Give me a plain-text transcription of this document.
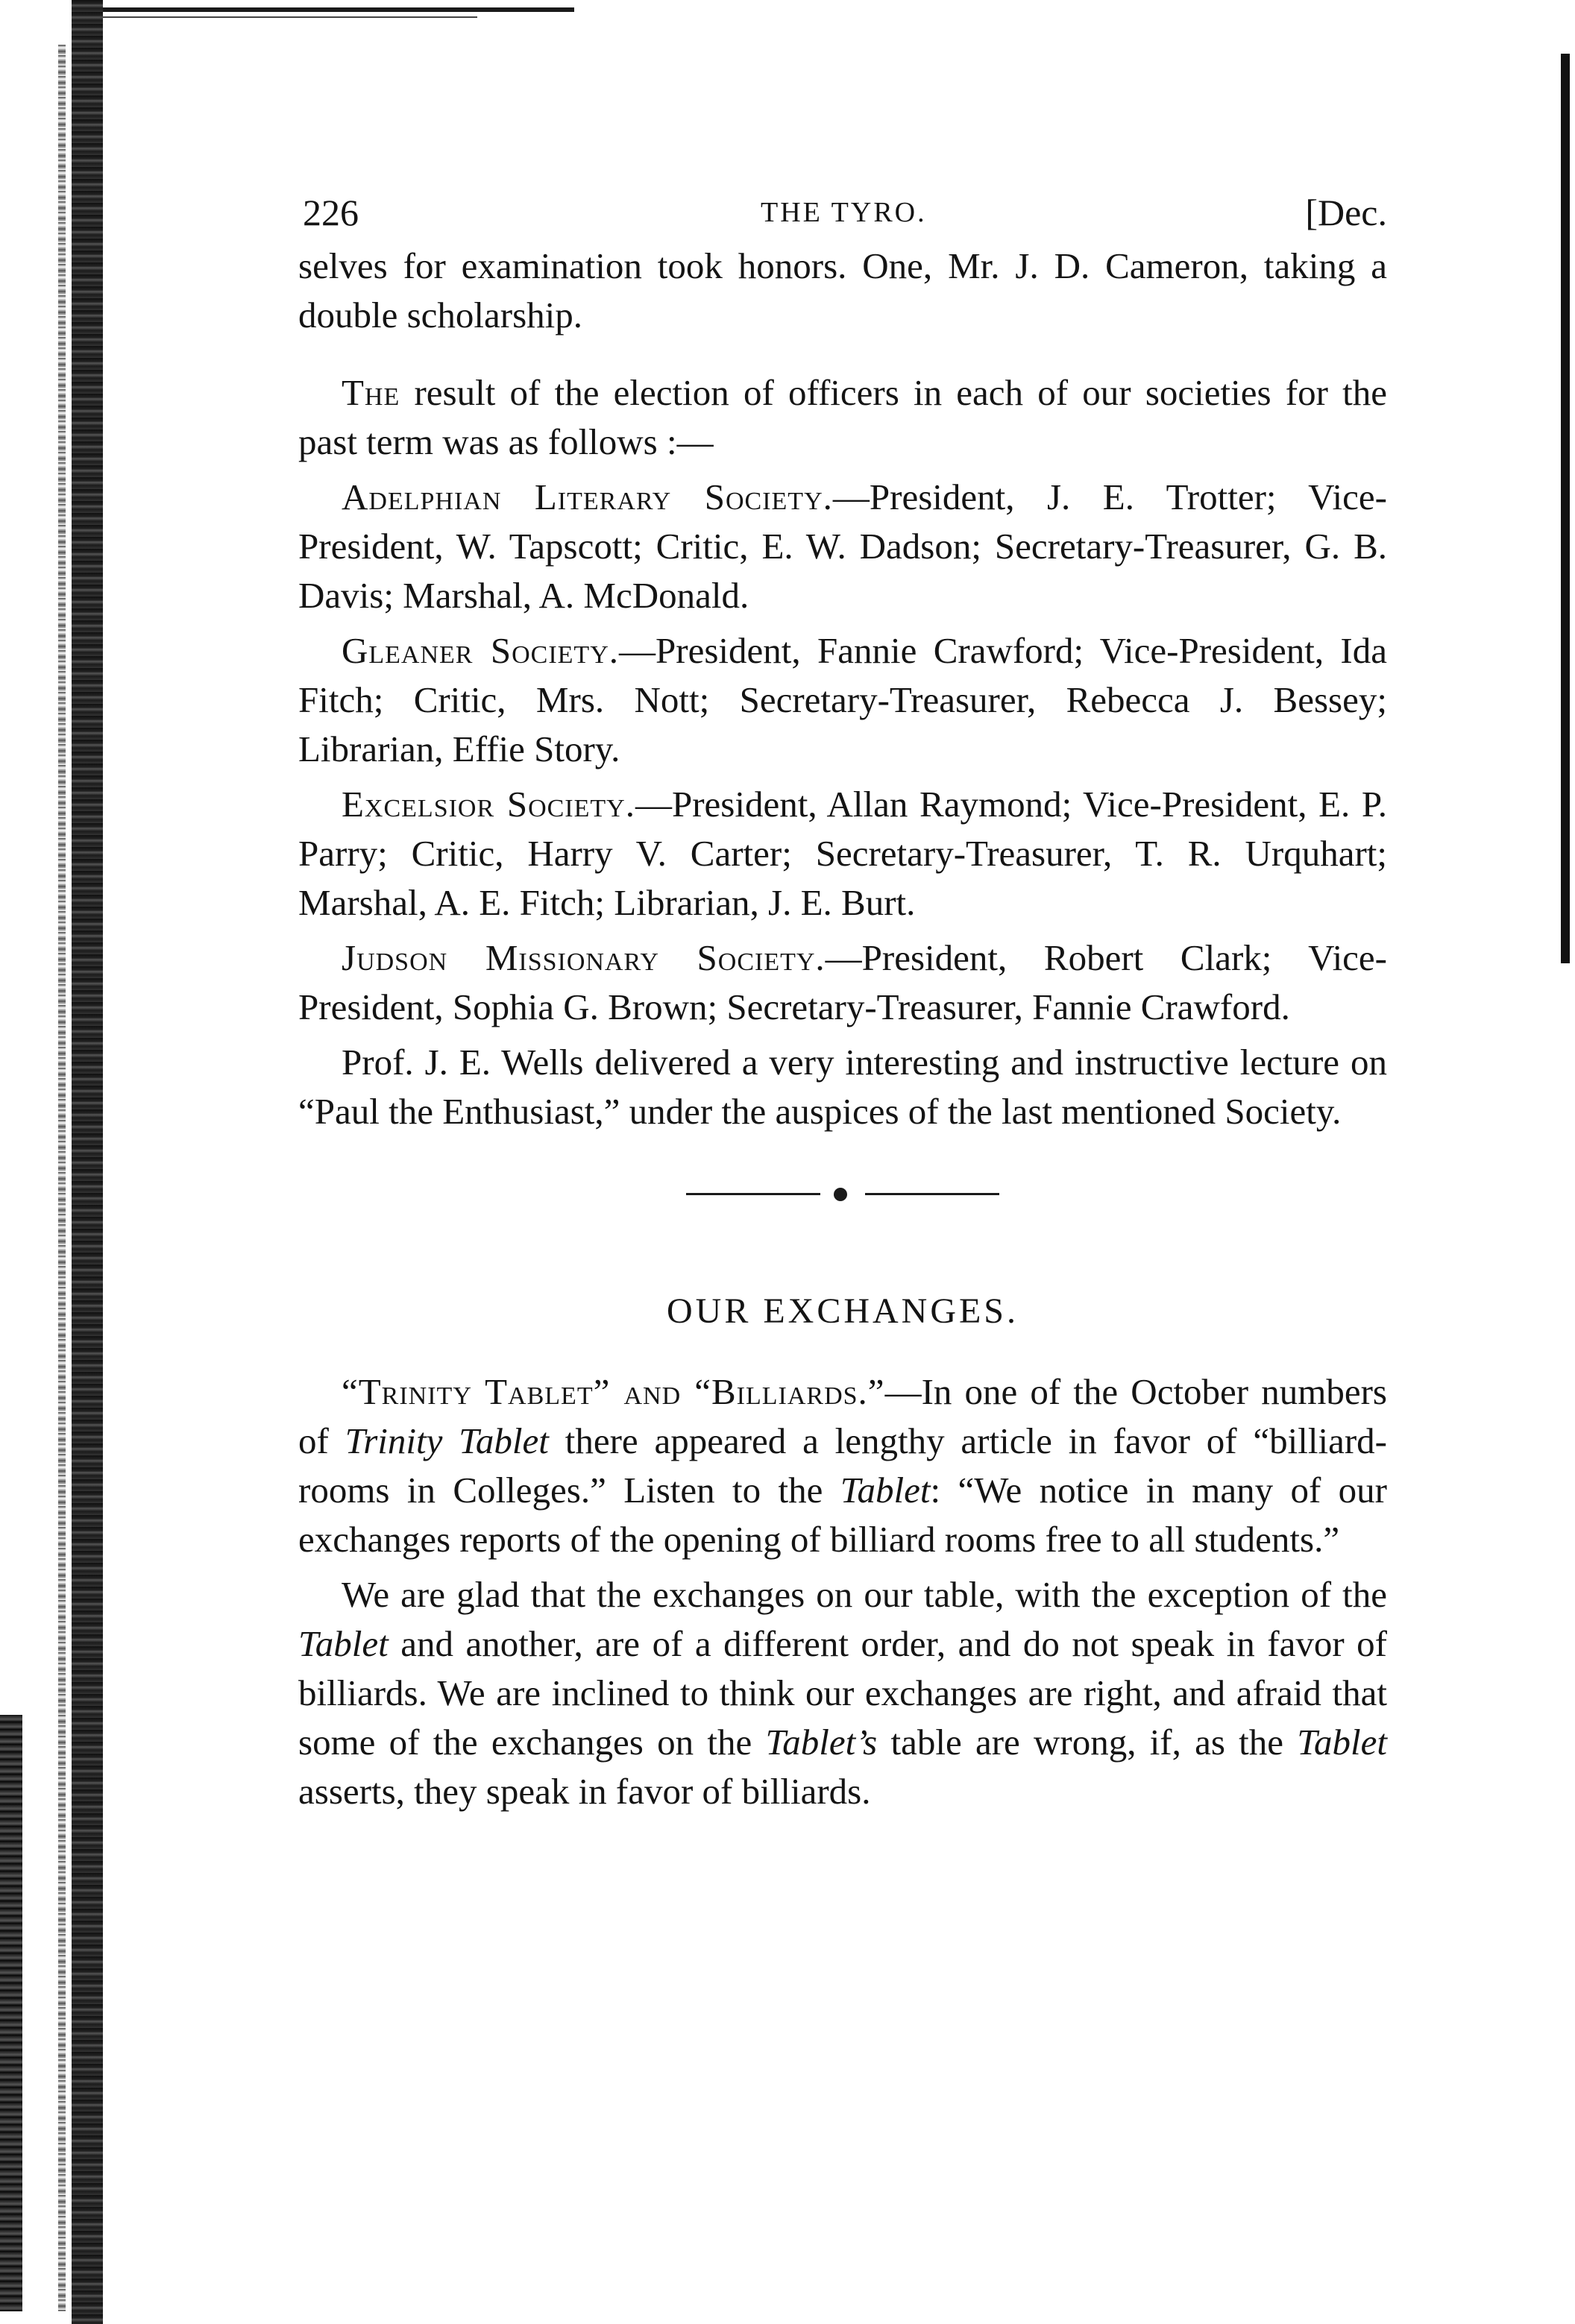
226	THE TYRO.	[Dec.

selves for examination took honors. One, Mr. J. D. Cameron, taking a double scholarship.

The result of the election of officers in each of our societies for the past term was as follows :—

Adelphian Literary Society.—President, J. E. Trotter; Vice-President, W. Tapscott; Critic, E. W. Dadson; Secretary-Treasurer, G. B. Davis; Marshal, A. McDonald.

Gleaner Society.—President, Fannie Crawford; Vice-President, Ida Fitch; Critic, Mrs. Nott; Secretary-Treasurer, Rebecca J. Bessey; Librarian, Effie Story.

Excelsior Society.—President, Allan Raymond; Vice-President, E. P. Parry; Critic, Harry V. Carter; Secretary-Treasurer, T. R. Urquhart; Marshal, A. E. Fitch; Librarian, J. E. Burt.

Judson Missionary Society.—President, Robert Clark; Vice-President, Sophia G. Brown; Secretary-Treasurer, Fannie Crawford.

Prof. J. E. Wells delivered a very interesting and instructive lecture on “Paul the Enthusiast,” under the auspices of the last mentioned Society.

OUR EXCHANGES.

“Trinity Tablet” and “Billiards.”—In one of the October numbers of Trinity Tablet there appeared a lengthy article in favor of “billiard-rooms in Colleges.” Listen to the Tablet: “We notice in many of our exchanges reports of the opening of billiard rooms free to all students.”

We are glad that the exchanges on our table, with the exception of the Tablet and another, are of a different order, and do not speak in favor of billiards. We are inclined to think our exchanges are right, and afraid that some of the exchanges on the Tablet’s table are wrong, if, as the Tablet asserts, they speak in favor of billiards.
